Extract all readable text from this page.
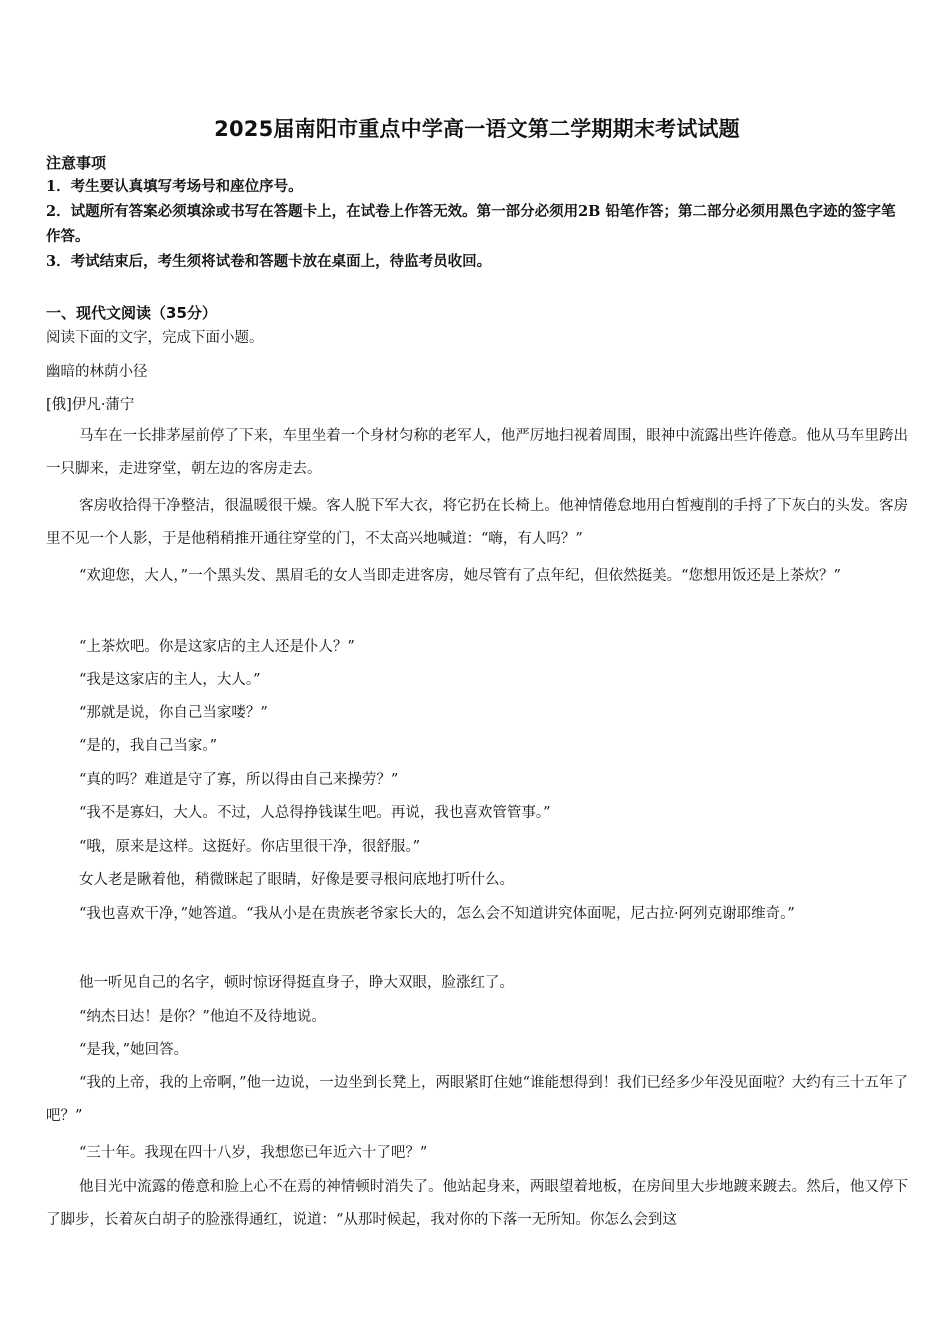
2025届南阳市重点中学高一语文第二学期期末考试试题
注意事项
1．考生要认真填写考场号和座位序号。
2．试题所有答案必须填涂或书写在答题卡上，在试卷上作答无效。第一部分必须用2B 铅笔作答；第二部分必须用黑色字迹的签字笔作答。
3．考试结束后，考生须将试卷和答题卡放在桌面上，待监考员收回。
一、现代文阅读（35分）
阅读下面的文字，完成下面小题。
幽暗的林荫小径
[俄]伊凡·蒲宁
马车在一长排茅屋前停了下来，车里坐着一个身材匀称的老军人，他严厉地扫视着周围，眼神中流露出些许倦意。他从马车里跨出一只脚来，走进穿堂，朝左边的客房走去。
客房收拾得干净整洁，很温暖很干燥。客人脱下军大衣，将它扔在长椅上。他神情倦怠地用白皙瘦削的手捋了下灰白的头发。客房里不见一个人影，于是他稍稍推开通往穿堂的门，不太高兴地喊道：“嗨，有人吗？”
“欢迎您，大人，”一个黑头发、黑眉毛的女人当即走进客房，她尽管有了点年纪，但依然挺美。“您想用饭还是上茶炊？”
“上茶炊吧。你是这家店的主人还是仆人？”
“我是这家店的主人，大人。”
“那就是说，你自己当家喽？”
“是的，我自己当家。”
“真的吗？难道是守了寡，所以得由自己来操劳？”
“我不是寡妇，大人。不过，人总得挣钱谋生吧。再说，我也喜欢管管事。”
“哦，原来是这样。这挺好。你店里很干净，很舒服。”
女人老是瞅着他，稍微眯起了眼睛，好像是要寻根问底地打听什么。
“我也喜欢干净，”她答道。“我从小是在贵族老爷家长大的，怎么会不知道讲究体面呢，尼古拉·阿列克谢耶维奇。”
他一听见自己的名字，顿时惊讶得挺直身子，睁大双眼，脸涨红了。
“纳杰日达！是你？”他迫不及待地说。
“是我，”她回答。
“我的上帝，我的上帝啊，”他一边说，一边坐到长凳上，两眼紧盯住她“谁能想得到！我们已经多少年没见面啦？大约有三十五年了吧？”
“三十年。我现在四十八岁，我想您已年近六十了吧？”
他目光中流露的倦意和脸上心不在焉的神情顿时消失了。他站起身来，两眼望着地板，在房间里大步地踱来踱去。然后，他又停下了脚步，长着灰白胡子的脸涨得通红，说道：“从那时候起，我对你的下落一无所知。你怎么会到这
